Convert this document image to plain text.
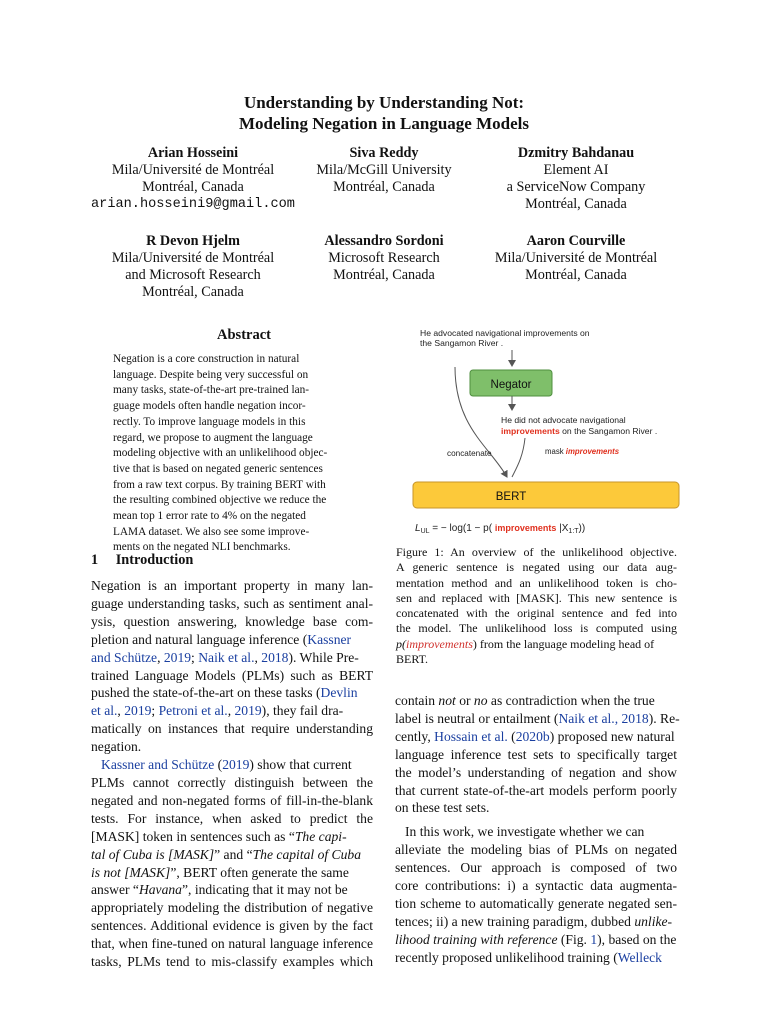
Understanding by Understanding Not:
Modeling Negation in Language Models
Arian Hosseini
Mila/Université de Montréal
Montréal, Canada
arian.hosseini9@gmail.com
Siva Reddy
Mila/McGill University
Montréal, Canada
Dzmitry Bahdanau
Element AI
a ServiceNow Company
Montréal, Canada
R Devon Hjelm
Mila/Université de Montréal
and Microsoft Research
Montréal, Canada
Alessandro Sordoni
Microsoft Research
Montréal, Canada
Aaron Courville
Mila/Université de Montréal
Montréal, Canada
Abstract
Negation is a core construction in natural
language. Despite being very successful on
many tasks, state-of-the-art pre-trained lan-
guage models often handle negation incor-
rectly. To improve language models in this
regard, we propose to augment the language
modeling objective with an unlikelihood objec-
tive that is based on negated generic sentences
from a raw text corpus. By training BERT with
the resulting combined objective we reduce the
mean top 1 error rate to 4% on the negated
LAMA dataset. We also see some improve-
ments on the negated NLI benchmarks.
1 Introduction
Negation is an important property in many lan-
guage understanding tasks, such as sentiment anal-
ysis, question answering, knowledge base com-
pletion and natural language inference (Kassner
and Schütze, 2019; Naik et al., 2018). While Pre-
trained Language Models (PLMs) such as BERT
pushed the state-of-the-art on these tasks (Devlin
et al., 2019; Petroni et al., 2019), they fail dra-
matically on instances that require understanding
negation.
Kassner and Schütze (2019) show that current
PLMs cannot correctly distinguish between the
negated and non-negated forms of fill-in-the-blank
tests. For instance, when asked to predict the
[MASK] token in sentences such as “The capi-
tal of Cuba is [MASK]” and “The capital of Cuba
is not [MASK]”, BERT often generate the same
answer “Havana”, indicating that it may not be
appropriately modeling the distribution of negative
sentences. Additional evidence is given by the fact
that, when fine-tuned on natural language inference
tasks, PLMs tend to mis-classify examples which
He advocated navigational improvements on
the Sangamon River .
Negator
He did not advocate navigational
improvements on the Sangamon River .
concatenate	mask improvements
BERT
$L_{UL}$ = − log(1 − p( improvements $|X_{1:T}$))
Figure 1: An overview of the unlikelihood objective.
A generic sentence is negated using our data aug-
mentation method and an unlikelihood token is cho-
sen and replaced with [MASK]. This new sentence is
concatenated with the original sentence and fed into
the model. The unlikelihood loss is computed using
p(improvements) from the language modeling head of
BERT.
contain not or no as contradiction when the true
label is neutral or entailment (Naik et al., 2018). Re-
cently, Hossain et al. (2020b) proposed new natural
language inference test sets to specifically target
the model’s understanding of negation and show
that current state-of-the-art models perform poorly
on these test sets.
In this work, we investigate whether we can
alleviate the modeling bias of PLMs on negated
sentences. Our approach is composed of two
core contributions: i) a syntactic data augmenta-
tion scheme to automatically generate negated sen-
tences; ii) a new training paradigm, dubbed unlike-
lihood training with reference (Fig. 1), based on the
recently proposed unlikelihood training (Welleck
